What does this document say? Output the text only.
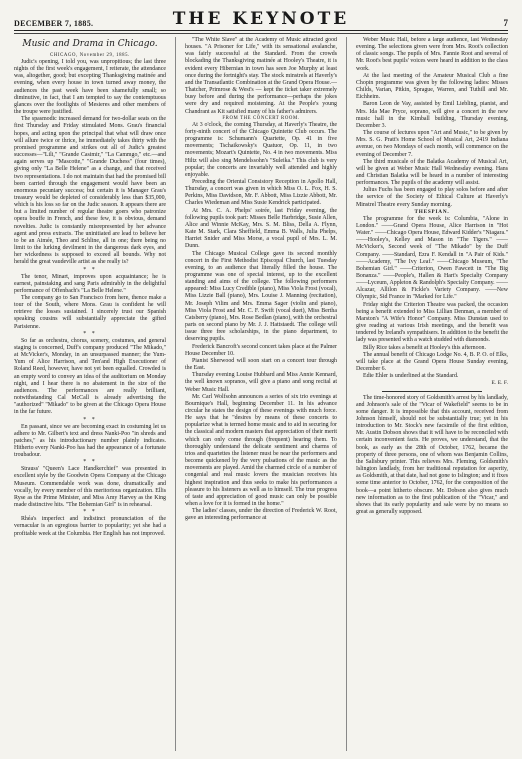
DECEMBER 7, 1885.	THE KEYNOTE	7
Music and Drama in Chicago.

CHICAGO, November 29, 1885.

Judic's opening, I told you, was unpropitious; the last three nights of the first week's engagement, I reiterate, the attendance was, altogether, good; but excepting Thanksgiving matinée and evening, when every house in town turned away money, the audiences the past week have been shamefully small; so diminutive, in fact, that I am tempted to say the contemptuous glances over the footlights of Mesieres and other members of the troupe were justified.

The spasmodic increased demand for two-dollar seats on the first Thursday and Friday stimulated Mons. Grau's financial hopes, and acting upon the principal that what will draw once will allure twice or thrice, he immediately takes thirty with the promised programme and strikes out all of Judic's greatest successes—"Lili," "Grande Casimir," "La Cammgo," etc.—and again serves up "Mascotte," "Grande Duchess" (four times), giving only "La Belle Helene" as a change, and that received two representations. I do not maintain that had the promised bill been carried through the engagement would have been an enormous pecuniary success; but certain it is Manager Grau's treasury would be depleted of considerably less than $35,000, which is his loss so far on the Judic season. It appears there are but a limited number of regular theatre goers who patronize opera bouffe in French, and these few, it is obvious, demand novelties. Judic is constantly misrepresented by her advance agent and press extracts. The uninitiated are lead to believe her to be an Aimée, Theo and Schline, all in one; there being no limit to the lurking devilment in the dangerous dark eyes, and her wickedness is supposed to exceed all bounds. Why not herald the great vaudeville artist as she really is?

* *

The tenor, Minart, improves upon acquaintance; he is earnest, painstaking and sang Paris admirably in the delightful performance of Offenbach's "La Belle Helene."

The company go to San Francisco from here, thence make a tour of the South, where Mons. Grau is confident he will retrieve the losses sustained. I sincerely trust our Spanish speaking cousins will substantially appreciate the gifted Parisienne.

* *

So far as orchestra, chorus, scenery, costumes, and general staging is concerned, Duff's company produced "The Mikado," at McVicker's, Monday, in an unsurpassed manner; the Yum-Yum of Alice Harrison, and Ten'and High Executioner of Roland Reed, however, have not yet been equalled. Crowded is an empty word to convey an idea of the auditorium on Monday night, and I hear there is no abatement in the size of the audiences. The performances are really brilliant, notwithstanding Cal McCall is already advertising the "authorized" "Mikado" to be given at the Chicago Opera House in the far future.

* *

En passant, since we are becoming exact in costuming let us adhere to Mr. Gilbert's text and dress Nanki-Poo "in shreds and patches," as his introductionary number plainly indicates. Hitherto every Nanki-Poo has had the appearance of a fortunate troubadour.

* *

Strauss' "Queen's Lace Handkerchief" was presented in excellent style by the Goodwin Opera Company at the Chicago Museum. Commendable work was done, dramatically and vocally, by every member of this meritorious organization. Ellis Ryse as the Prime Minister, and Miss Amy Harvey as the King made distinctive hits. "The Bohemian Girl" is in rehearsal.

* *

Rhéa's imperfect and indistinct pronunciation of the vernacular is an egregious barrier to popularity; yet she had a profitable week at the Columbia. Her English has not improved.

"The White Slave" at the Academy of Music attracted good houses. "A Prisoner for Life," with its sensational avalanche, was fairly successful at the Standard. From the crowds blockading the Thanksgiving matinée at Hooley's Theatre, it is evident every Hibernian in town has seen Joe Murphy at least once during the fortnight's stay. The stock minstrels at Haverly's and the Transatlantic Combination at the Grand Opera House.—Thatcher, Primrose & West's — kept the ticket taker extremely busy before and during the performance—perhaps the jokes were dry and required moistening. At the People's young Chandrant as Kit satisfied many of his father's admirers.

FROM THE CONCERT ROOM.

At 3 o'clock, the coming Thursday, at Haverly's Theatre, the forty-ninth concert of the Chicago Quintette Club occurs. The programme is: Schumann's Quartette, Op. 41 in five movements; Tschaikowsky's Quatuor, Op. 11, in two movements; Mozart's Quintette, No. 4 in two movements. Miss Hiltz will also sing Mendelssohn's "Suleika." This club is very popular; the concerts are invariably well attended and highly enjoyable.

Preceding the Oriental Consistory Reception in Apollo Hall, Thursday, a concert was given in which Miss O. L. Fox, H. S. Perkins, Miss Davidson, Mr. F. Abbott, Miss Lizzie Abbott, Mr. Charles Wiedeman and Miss Susie Kendrick participated.

At Mrs. C. A. Phelps' soirée, last Friday evening, the following pupils took part: Misses Belle Harbridge, Susie Allen, Alice and Winnie McKay, Mrs. S. M. Bliss, Della A. Flynn, Kate M. Stark, Clara Sheffield, Emma B. Walls, Julia Phelps, Harriet Snider and Miss Morse, a vocal pupil of Mrs. L. M. Dunn.

The Chicago Musical College gave its second monthly concert in the First Methodist Episcopal Church, last Tuesday evening, to an audience that literally filled the house. The programme was one of special interest, up to the excellent standing and aims of the college. The following performers appeared: Miss Lucy Credible (piano), Miss Viola Frost (vocal), Miss Lizzie Ball (piano), Mrs. Louise J. Manning (recitation), Mr. Joseph Vilim and Mrs. Emma Sager (violin and piano), Miss Viola Frost and Mr. C. F. Swift (vocal duet), Miss Bertha Catsberry (piano), Mrs. Rose Bedlan (piano), with the orchestral parts on second piano by Mr. J. J. Hattstaedt. The college will issue three free scholarships, in the piano department, to deserving pupils.

Frederick Bancroft's second concert takes place at the Palmer House December 10.

Pianist Sherwood will soon start on a concert tour through the East.

Thursday evening Louise Hubbard and Miss Annie Kennard, the well known sopranos, will give a piano and song recital at Weber Music Hall.

Mr. Carl Wolfsohn announces a series of six trio evenings at Bournique's Hall, beginning December 11. In his advance circular he states the design of these evenings with much force. He says that he "desires by means of these concerts to popularize what is termed home music and to aid in securing for the classical and modern masters that appreciation of their merit which can only come through (frequent) hearing them. To thoroughly understand the delicate sentiment and charms of trios and quartettes the listener must be near the performers and become quickened by the very pulsations of the music as the movements are played. Amid the charmed circle of a number of congenial and real music lovers the musician receives his highest inspiration and thus seeks to make his performances a pleasure to his listeners as well as to himself. The true progress of taste and appreciation of good music can only be possible when a love for it is formed in the home."

The ladies' classes, under the direction of Frederick W. Root, gave an interesting performance at

Weber Music Hall, before a large audience, last Wednesday evening. The selections given were from Mrs. Root's collection of classic songs. The pupils of Mrs. Fannie Root and several of Mr. Root's best pupils' voices were heard in addition to the class work.

At the last meeting of the Amateur Musical Club a fine Chopin programme was given by the following ladies: Misses Childs, Varian, Pitkin, Sprague, Warren, and Tuthill and Mr. Eichheim.

Baron Leon de Vay, assisted by Emil Liebling, pianist, and Mrs. Ida Mae Pryce, soprano, will give a concert in the new music hall in the Kimball building, Thursday evening, December 3.

The course of lectures upon "Art and Music," to be given by Mrs. S. G. Pratt's Home School of Musical Art, 2419 Indiana avenue, on two Mondays of each month, will commence on the evening of December 7.

The third musicale of the Balatka Academy of Musical Art, will be given at Weber Music Hall Wednesday evening. Hans and Christian Balatka will be heard in a number of interesting performances. The pupils of the academy will assist.

Julius Fuchs has been engaged to play solos before and after the service of the Society of Ethical Culture at Haverly's Minstrel Theatre every Sunday morning.

THESPIAN.

The programme for the week is: Columbia, "Alone in London." ——Grand Opera House, Alice Harrison in "Hot Water." ——Chicago Opera House, Edward Kidder's "Niagara." ——Hooley's, Kelley and Mason in "The Tigers." ——McVicker's, Second week of "The Mikado" by the Duff Company. ——Standard, Ezra F. Kendall in "A Pair of Kids." ——Academy, "The Ivy Leaf." ——Chicago Museum, "The Bohemian Girl." ——Criterion, Owen Fawcett in "The Big Bonanza." ——People's, Hallen & Hart's Specialty Company ——Lyceum, Appleton & Randolph's Specialty Company. ——Alcazar, Allilon & Fickle's Variety Company. ——New Olympic, Sid France in "Marked for Life."

Friday night the Criterion Theatre was packed, the occasion being a benefit extended to Miss Lillian Denman, a member of Marston's "A Wife's Honor" Company. Miss Dunstan used to give reading at various Irish meetings, and the benefit was tendered by Ireland's sympathisers. In addition to the benefit the lady was presented with a watch studded with diamonds.

Billy Rice takes a benefit at Hooley's this afternoon.

The annual benefit of Chicago Lodge No. 4, B. P. O. of Elks, will take place at the Grand Opera House Sunday evening, December 6.

Edie Ehler is underlined at the Standard.

E. E. F.

The time-honored story of Goldsmith's arrest by his landlady, and Johnson's sale of the "Vicar of Wakefield" seems to be in some danger. It is impossible that this account, received from Johnson himself, should not be substantially true; yet in his introduction to Mr. Stock's new facsimile of the first edition, Mr. Austin Dobson shows that it will have to be reconciled with certain inconvenient facts. He proves, we understand, that the book, as early as the 28th of October, 1762, became the property of three persons, one of whom was Benjamin Collins, the Salisbury printer. This relieves Mrs. Fleming, Goldsmith's Islington landlady, from her traditional reputation for asperity, as Goldsmith, at that date, had not gone to Islington; and it fixes some time anterior to October, 1762, for the composition of the book—a point hitherto obscure. Mr. Dobson also gives much new information as to the first publication of the "Vicar," and shows that its early popularity and sale were by no means so great as generally supposed.
